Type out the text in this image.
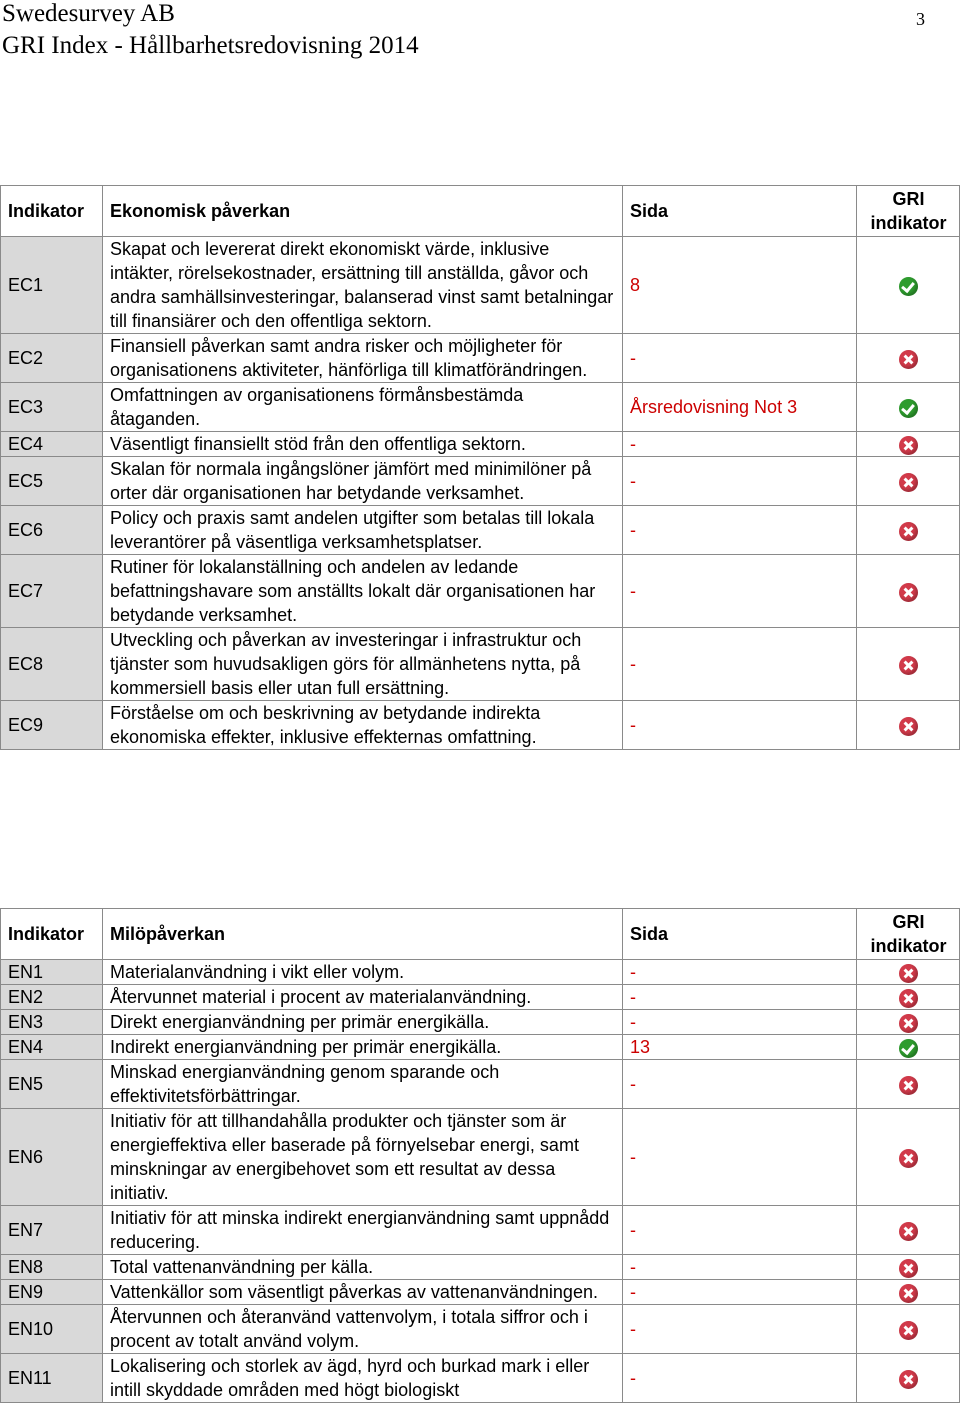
Swedesurvey AB
GRI Index - Hållbarhetsredovisning 2014
3
Indikator	Ekonomisk påverkan	Sida	GRI indikator
EC1	Skapat och levererat direkt ekonomiskt värde, inklusive intäkter, rörelsekostnader, ersättning till anställda, gåvor och andra samhällsinvesteringar, balanserad vinst samt betalningar till finansiärer och den offentliga sektorn.	8	
EC2	Finansiell påverkan samt andra risker och möjligheter för organisationens aktiviteter, hänförliga till klimatförändringen.	-	
EC3	Omfattningen av organisationens förmånsbestämda åtaganden.	Årsredovisning Not 3	
EC4	Väsentligt finansiellt stöd från den offentliga sektorn.	-	
EC5	Skalan för normala ingångslöner jämfört med minimilöner på orter där organisationen har betydande verksamhet.	-	
EC6	Policy och praxis samt andelen utgifter som betalas till lokala leverantörer på väsentliga verksamhetsplatser.	-	
EC7	Rutiner för lokalanställning och andelen av ledande befattningshavare som anställts lokalt där organisationen har betydande verksamhet.	-	
EC8	Utveckling och påverkan av investeringar i infrastruktur och tjänster som huvudsakligen görs för allmänhetens nytta, på kommersiell basis eller utan full ersättning.	-	
EC9	Förståelse om och beskrivning av betydande indirekta ekonomiska effekter, inklusive effekternas omfattning.	-	
Indikator	Milöpåverkan	Sida	GRI indikator
EN1	Materialanvändning i vikt eller volym.	-	
EN2	Återvunnet material i procent av materialanvändning.	-	
EN3	Direkt energianvändning per primär energikälla.	-	
EN4	Indirekt energianvändning per primär energikälla.	13	
EN5	Minskad energianvändning genom sparande och effektivitetsförbättringar.	-	
EN6	Initiativ för att tillhandahålla produkter och tjänster som är energieffektiva eller baserade på förnyelsebar energi, samt minskningar av energibehovet som ett resultat av dessa initiativ.	-	
EN7	Initiativ för att minska indirekt energianvändning samt uppnådd reducering.	-	
EN8	Total vattenanvändning per källa.	-	
EN9	Vattenkällor som väsentligt påverkas av vattenanvändningen.	-	
EN10	Återvunnen och återanvänd vattenvolym, i totala siffror och i procent av totalt använd volym.	-	
EN11	Lokalisering och storlek av ägd, hyrd och burkad mark i eller intill skyddade områden med högt biologiskt	-	
